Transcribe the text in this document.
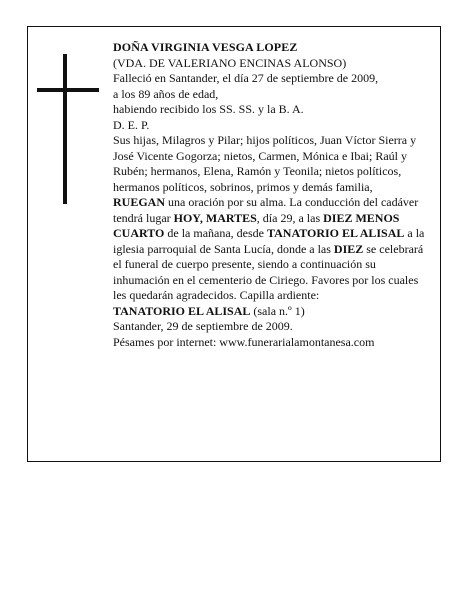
DOÑA VIRGINIA VESGA LOPEZ

(VDA. DE VALERIANO ENCINAS ALONSO)

Falleció en Santander, el día 27 de septiembre de 2009,

a los 89 años de edad,

habiendo recibido los SS. SS. y la B. A.

D. E. P.

Sus hijas, Milagros y Pilar; hijos políticos, Juan Víctor Sierra y José Vicente Gogorza; nietos, Carmen, Mónica e Ibai; Raúl y Rubén; hermanos, Elena, Ramón y Teonila; nietos políticos, hermanos políticos, sobrinos, primos y demás familia,

RUEGAN una oración por su alma. La conducción del cadáver tendrá lugar HOY, MARTES, día 29, a las DIEZ MENOS CUARTO de la mañana, desde TANATORIO EL ALISAL a la iglesia parroquial de Santa Lucía, donde a las DIEZ se celebrará el funeral de cuerpo presente, siendo a continuación su inhumación en el cementerio de Ciriego. Favores por los cuales les quedarán agradecidos. Capilla ardiente:

TANATORIO EL ALISAL (sala n.º 1)

Santander, 29 de septiembre de 2009.

Pésames por internet: www.funerarialamontanesa.com
